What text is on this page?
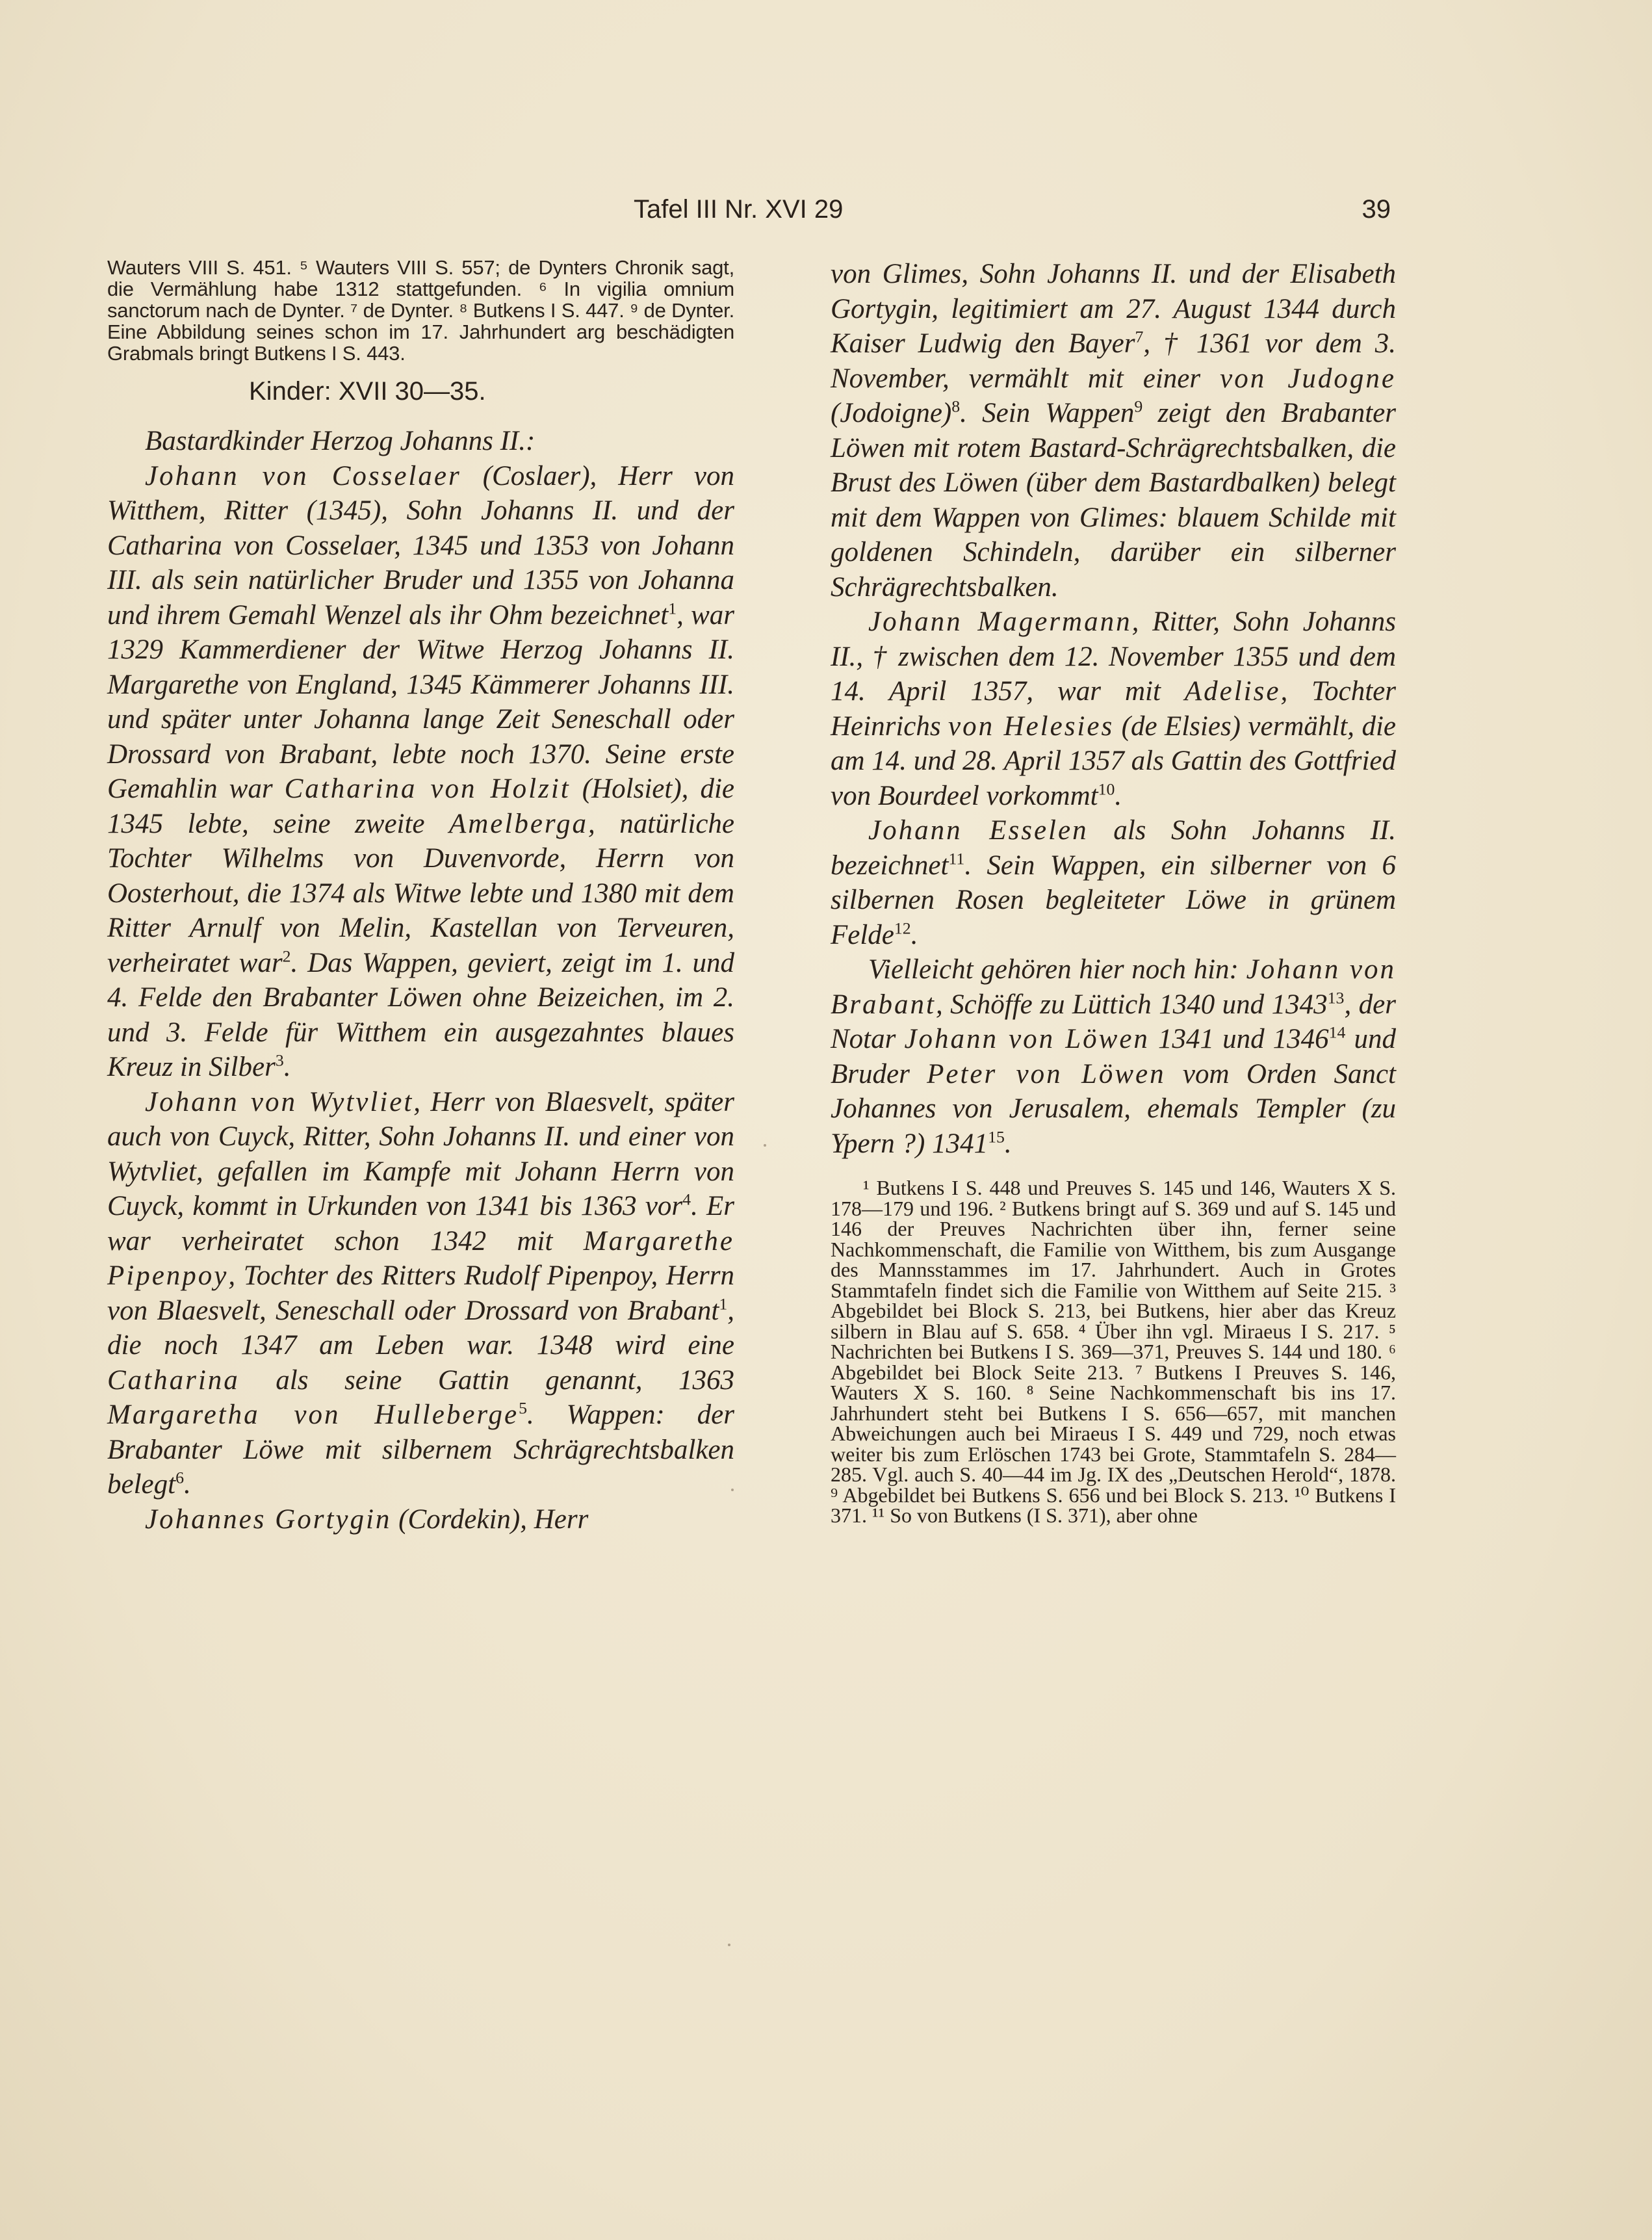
Tafel III Nr. XVI 29	39

Wauters VIII S. 451. ⁵ Wauters VIII S. 557; de Dynters Chronik sagt, die Vermählung habe 1312 stattgefunden. ⁶ In vigilia omnium sanctorum nach de Dynter. ⁷ de Dynter. ⁸ Butkens I S. 447. ⁹ de Dynter. Eine Abbildung seines schon im 17. Jahrhundert arg beschädigten Grabmals bringt Butkens I S. 443.

Kinder: XVII 30—35.

Bastardkinder Herzog Johanns II.:

Johann von Cosselaer (Coslaer), Herr von Witthem, Ritter (1345), Sohn Johanns II. und der Catharina von Cosselaer, 1345 und 1353 von Johann III. als sein natürlicher Bruder und 1355 von Johanna und ihrem Gemahl Wenzel als ihr Ohm bezeichnet$^1$, war 1329 Kammerdiener der Witwe Herzog Johanns II. Margarethe von England, 1345 Kämmerer Johanns III. und später unter Johanna lange Zeit Seneschall oder Drossard von Brabant, lebte noch 1370. Seine erste Gemahlin war Catharina von Holzit (Holsiet), die 1345 lebte, seine zweite Amelberga, natürliche Tochter Wilhelms von Duvenvorde, Herrn von Oosterhout, die 1374 als Witwe lebte und 1380 mit dem Ritter Arnulf von Melin, Kastellan von Terveuren, verheiratet war$^2$. Das Wappen, geviert, zeigt im 1. und 4. Felde den Brabanter Löwen ohne Beizeichen, im 2. und 3. Felde für Witthem ein ausgezahntes blaues Kreuz in Silber$^3$.

Johann von Wytvliet, Herr von Blaesvelt, später auch von Cuyck, Ritter, Sohn Johanns II. und einer von Wytvliet, gefallen im Kampfe mit Johann Herrn von Cuyck, kommt in Urkunden von 1341 bis 1363 vor$^4$. Er war verheiratet schon 1342 mit Margarethe Pipenpoy, Tochter des Ritters Rudolf Pipenpoy, Herrn von Blaesvelt, Seneschall oder Drossard von Brabant$^1$, die noch 1347 am Leben war. 1348 wird eine Catharina als seine Gattin genannt, 1363 Margaretha von Hulleberge$^5$. Wappen: der Brabanter Löwe mit silbernem Schrägrechtsbalken belegt$^6$.

Johannes Gortygin (Cordekin), Herr

von Glimes, Sohn Johanns II. und der Elisabeth Gortygin, legitimiert am 27. August 1344 durch Kaiser Ludwig den Bayer$^7$, † 1361 vor dem 3. November, vermählt mit einer von Judogne (Jodoigne)$^8$. Sein Wappen$^9$ zeigt den Brabanter Löwen mit rotem Bastard-Schrägrechtsbalken, die Brust des Löwen (über dem Bastardbalken) belegt mit dem Wappen von Glimes: blauem Schilde mit goldenen Schindeln, darüber ein silberner Schrägrechtsbalken.

Johann Magermann, Ritter, Sohn Johanns II., † zwischen dem 12. November 1355 und dem 14. April 1357, war mit Adelise, Tochter Heinrichs von Helesies (de Elsies) vermählt, die am 14. und 28. April 1357 als Gattin des Gottfried von Bourdeel vorkommt$^{10}$.

Johann Esselen als Sohn Johanns II. bezeichnet$^{11}$. Sein Wappen, ein silberner von 6 silbernen Rosen begleiteter Löwe in grünem Felde$^{12}$.

Vielleicht gehören hier noch hin: Johann von Brabant, Schöffe zu Lüttich 1340 und 1343$^{13}$, der Notar Johann von Löwen 1341 und 1346$^{14}$ und Bruder Peter von Löwen vom Orden Sanct Johannes von Jerusalem, ehemals Templer (zu Ypern ?) 1341$^{15}$.

¹ Butkens I S. 448 und Preuves S. 145 und 146, Wauters X S. 178—179 und 196. ² Butkens bringt auf S. 369 und auf S. 145 und 146 der Preuves Nachrichten über ihn, ferner seine Nachkommenschaft, die Familie von Witthem, bis zum Ausgange des Mannsstammes im 17. Jahrhundert. Auch in Grotes Stammtafeln findet sich die Familie von Witthem auf Seite 215. ³ Abgebildet bei Block S. 213, bei Butkens, hier aber das Kreuz silbern in Blau auf S. 658. ⁴ Über ihn vgl. Miraeus I S. 217. ⁵ Nachrichten bei Butkens I S. 369—371, Preuves S. 144 und 180. ⁶ Abgebildet bei Block Seite 213. ⁷ Butkens I Preuves S. 146, Wauters X S. 160. ⁸ Seine Nachkommenschaft bis ins 17. Jahrhundert steht bei Butkens I S. 656—657, mit manchen Abweichungen auch bei Miraeus I S. 449 und 729, noch etwas weiter bis zum Erlöschen 1743 bei Grote, Stammtafeln S. 284—285. Vgl. auch S. 40—44 im Jg. IX des „Deutschen Herold“, 1878. ⁹ Abgebildet bei Butkens S. 656 und bei Block S. 213. ¹⁰ Butkens I 371. ¹¹ So von Butkens (I S. 371), aber ohne
